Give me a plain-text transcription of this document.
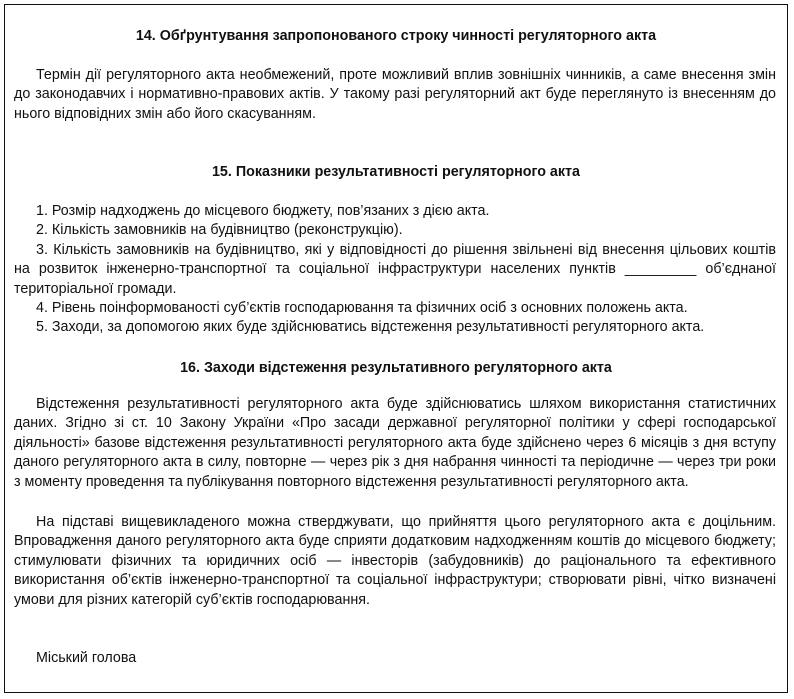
14. Обґрунтування запропонованого строку чинності регуляторного акта

Термін дії регуляторного акта необмежений, проте можливий вплив зовнішніх чинників, а саме внесення змін до законодавчих і нормативно-правових актів. У такому разі регуляторний акт буде переглянуто із внесенням до нього відповідних змін або його скасуванням.

15. Показники результативності регуляторного акта
1. Розмір надходжень до місцевого бюджету, пов’язаних з дією акта.
2. Кількість замовників на будівництво (реконструкцію).
3. Кількість замовників на будівництво, які у відповідності до рішення звільнені від внесення цільових коштів на розвиток інженерно-транспортної та соціальної інфраструктури населених пунктів _________ об’єднаної територіальної громади.
4. Рівень поінформованості суб’єктів господарювання та фізичних осіб з основних положень акта.
5. Заходи, за допомогою яких буде здійснюватись відстеження результативності регуляторного акта.
16. Заходи відстеження результативного регуляторного акта

Відстеження результативності регуляторного акта буде здійснюватись шляхом використання статистичних даних. Згідно зі ст. 10 Закону України «Про засади державної регуляторної політики у сфері господарської діяльності» базове відстеження результативності регуляторного акта буде здійснено через 6 місяців з дня вступу даного регуляторного акта в силу, повторне — через рік з дня набрання чинності та періодичне — через три роки з моменту проведення та публікування повторного відстеження результативності регуляторного акта.

На підставі вищевикладеного можна стверджувати, що прийняття цього регуляторного акта є доцільним. Впровадження даного регуляторного акта буде сприяти додатковим надходженням коштів до місцевого бюджету; стимулювати фізичних та юридичних осіб — інвесторів (забудовників) до раціонального та ефективного використання об’єктів інженерно-транспортної та соціальної інфраструктури; створювати рівні, чітко визначені умови для різних категорій суб’єктів господарювання.

Міський голова
